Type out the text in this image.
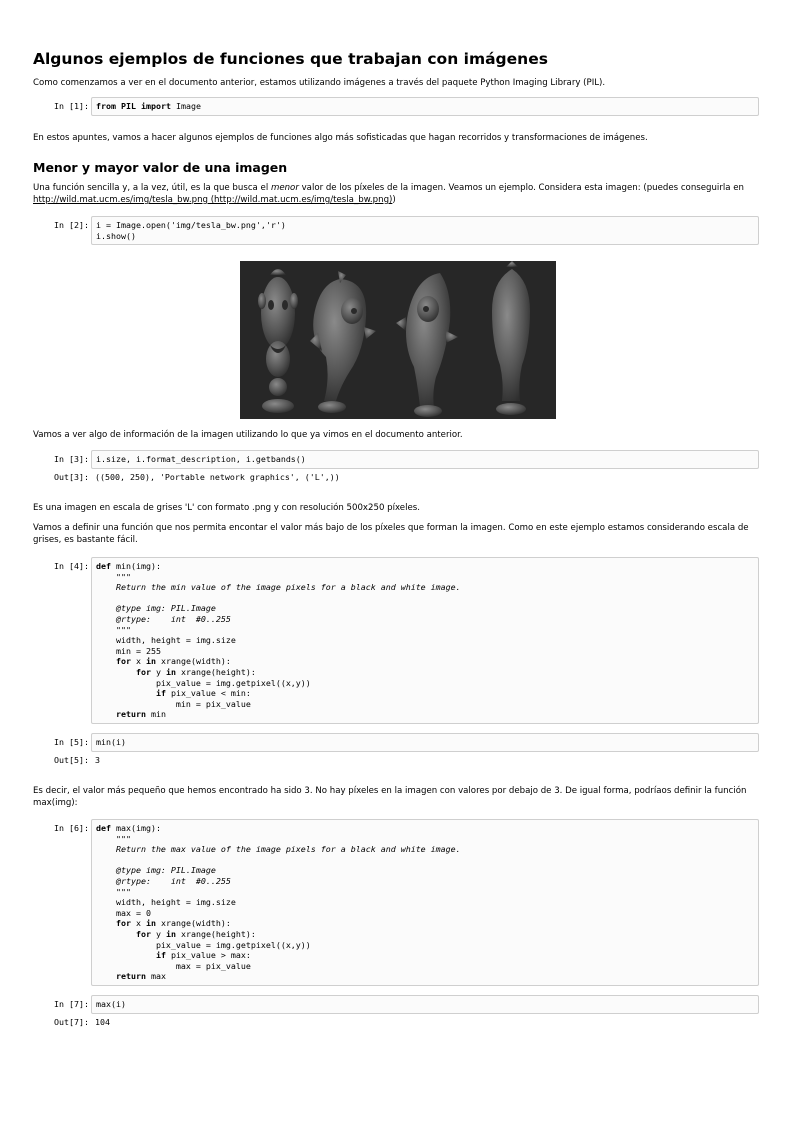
Algunos ejemplos de funciones que trabajan con imágenes

Como comenzamos a ver en el documento anterior, estamos utilizando imágenes a través del paquete Python Imaging Library (PIL).

In [1]: from PIL import Image

En estos apuntes, vamos a hacer algunos ejemplos de funciones algo más sofisticadas que hagan recorridos y transformaciones de imágenes.

Menor y mayor valor de una imagen

Una función sencilla y, a la vez, útil, es la que busca el menor valor de los píxeles de la imagen. Veamos un ejemplo. Considera esta imagen: (puedes conseguirla en http://wild.mat.ucm.es/img/tesla_bw.png (http://wild.mat.ucm.es/img/tesla_bw.png))

In [2]: i = Image.open('img/tesla_bw.png','r')
i.show()

Vamos a ver algo de información de la imagen utilizando lo que ya vimos en el documento anterior.

In [3]: i.size, i.format_description, i.getbands()
Out[3]: ((500, 250), 'Portable network graphics', ('L',))

Es una imagen en escala de grises 'L' con formato .png y con resolución 500x250 píxeles.

Vamos a definir una función que nos permita encontar el valor más bajo de los píxeles que forman la imagen. Como en este ejemplo estamos considerando escala de grises, es bastante fácil.

In [4]: def min(img):
"""
Return the min value of the image pixels for a black and white image.

@type img: PIL.Image
@rtype:    int  #0..255
"""
width, height = img.size
min = 255
for x in xrange(width):
for y in xrange(height):
pix_value = img.getpixel((x,y))
if pix_value < min:
min = pix_value
return min
In [5]: min(i)
Out[5]: 3

Es decir, el valor más pequeño que hemos encontrado ha sido 3. No hay píxeles en la imagen con valores por debajo de 3. De igual forma, podríaos definir la función max(img):

In [6]: def max(img):
"""
Return the max value of the image pixels for a black and white image.

@type img: PIL.Image
@rtype:    int  #0..255
"""
width, height = img.size
max = 0
for x in xrange(width):
for y in xrange(height):
pix_value = img.getpixel((x,y))
if pix_value > max:
max = pix_value
return max
In [7]: max(i)
Out[7]: 104
